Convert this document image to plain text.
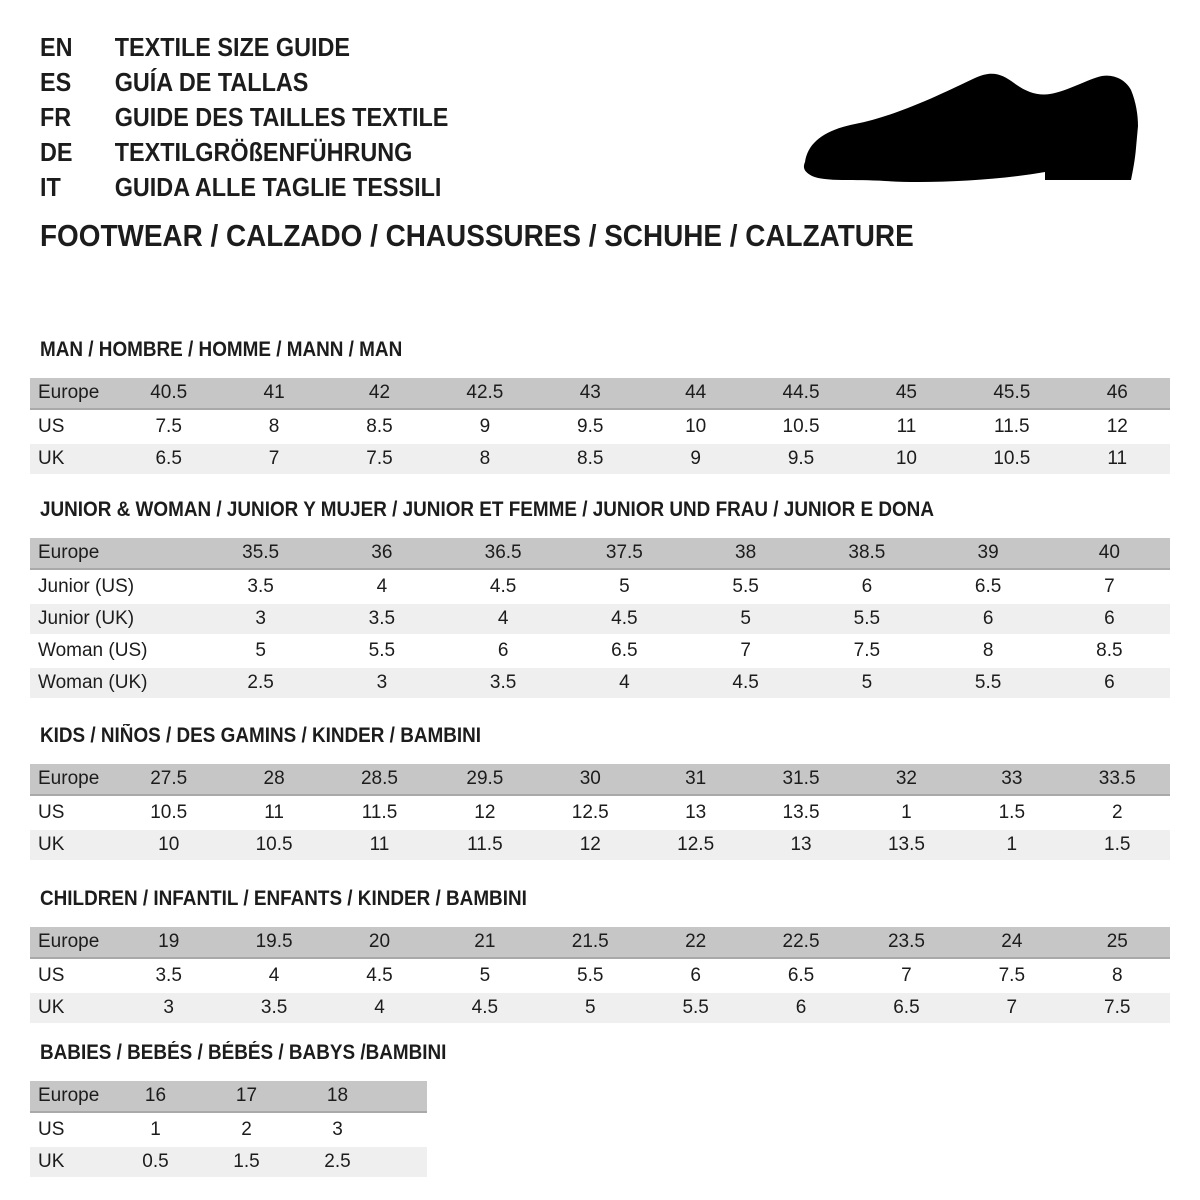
EN TEXTILE SIZE GUIDE
ES GUÍA DE TALLAS
FR GUIDE DES TAILLES TEXTILE
DE TEXTILGRÖßENFÜHRUNG
IT GUIDA ALLE TAGLIE TESSILI

FOOTWEAR / CALZADO / CHAUSSURES / SCHUHE / CALZATURE

MAN / HOMBRE / HOMME / MANN / MAN
Europe	40.5	41	42	42.5	43	44	44.5	45	45.5	46
US	7.5	8	8.5	9	9.5	10	10.5	11	11.5	12
UK	6.5	7	7.5	8	8.5	9	9.5	10	10.5	11
JUNIOR & WOMAN / JUNIOR Y MUJER / JUNIOR ET FEMME / JUNIOR UND FRAU / JUNIOR E DONA
Europe	35.5	36	36.5	37.5	38	38.5	39	40
Junior (US)	3.5	4	4.5	5	5.5	6	6.5	7
Junior (UK)	3	3.5	4	4.5	5	5.5	6	6
Woman (US)	5	5.5	6	6.5	7	7.5	8	8.5
Woman (UK)	2.5	3	3.5	4	4.5	5	5.5	6
KIDS / NIÑOS / DES GAMINS / KINDER / BAMBINI
Europe	27.5	28	28.5	29.5	30	31	31.5	32	33	33.5
US	10.5	11	11.5	12	12.5	13	13.5	1	1.5	2
UK	10	10.5	11	11.5	12	12.5	13	13.5	1	1.5
CHILDREN / INFANTIL / ENFANTS / KINDER / BAMBINI
Europe	19	19.5	20	21	21.5	22	22.5	23.5	24	25
US	3.5	4	4.5	5	5.5	6	6.5	7	7.5	8
UK	3	3.5	4	4.5	5	5.5	6	6.5	7	7.5
BABIES / BEBÉS / BÉBÉS / BABYS /BAMBINI
Europe	16	17	18	
US	1	2	3	
UK	0.5	1.5	2.5	
